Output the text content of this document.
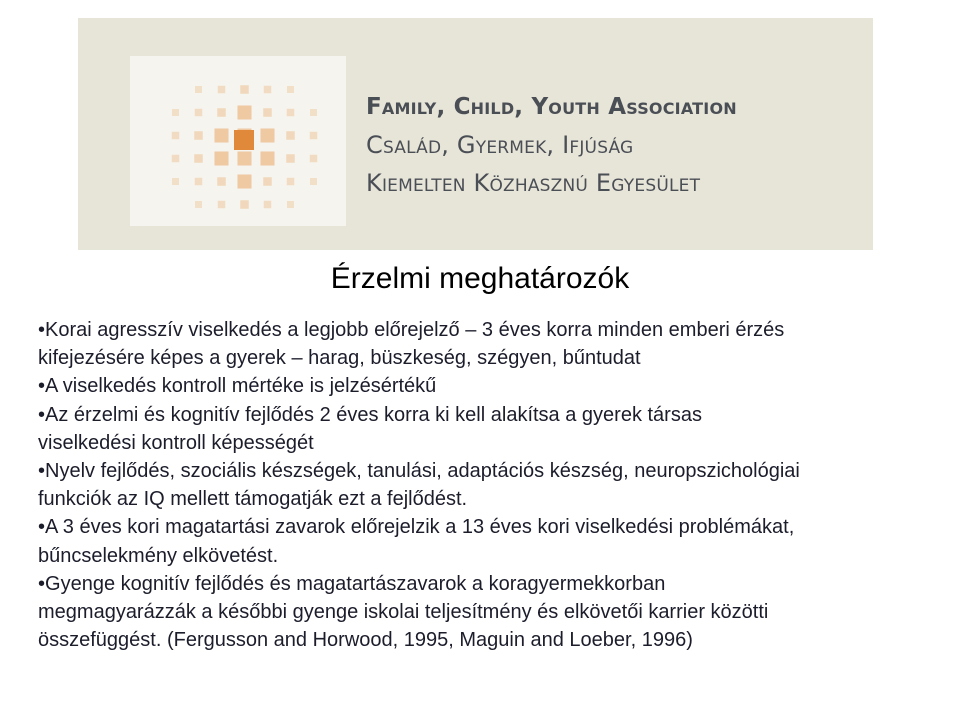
Family, Child, Youth Association
Család, Gyermek, Ifjúság
Kiemelten Közhasznú Egyesület
Érzelmi meghatározók
• Korai agresszív viselkedés a legjobb előrejelző – 3 éves korra minden emberi érzés
kifejezésére képes a gyerek – harag, büszkeség, szégyen, bűntudat
• A viselkedés kontroll mértéke is jelzésértékű
• Az érzelmi és kognitív fejlődés 2 éves korra ki kell alakítsa a gyerek társas
viselkedési kontroll képességét
• Nyelv fejlődés, szociális készségek, tanulási, adaptációs készség, neuropszichológiai
funkciók az IQ mellett támogatják ezt a fejlődést.
• A 3 éves kori magatartási zavarok előrejelzik a 13 éves kori viselkedési problémákat,
bűncselekmény elkövetést.
• Gyenge kognitív fejlődés és magatartászavarok a koragyermekkorban
megmagyarázzák a későbbi gyenge iskolai teljesítmény és elkövetői karrier közötti
összefüggést. (Fergusson and Horwood, 1995, Maguin and Loeber, 1996)
